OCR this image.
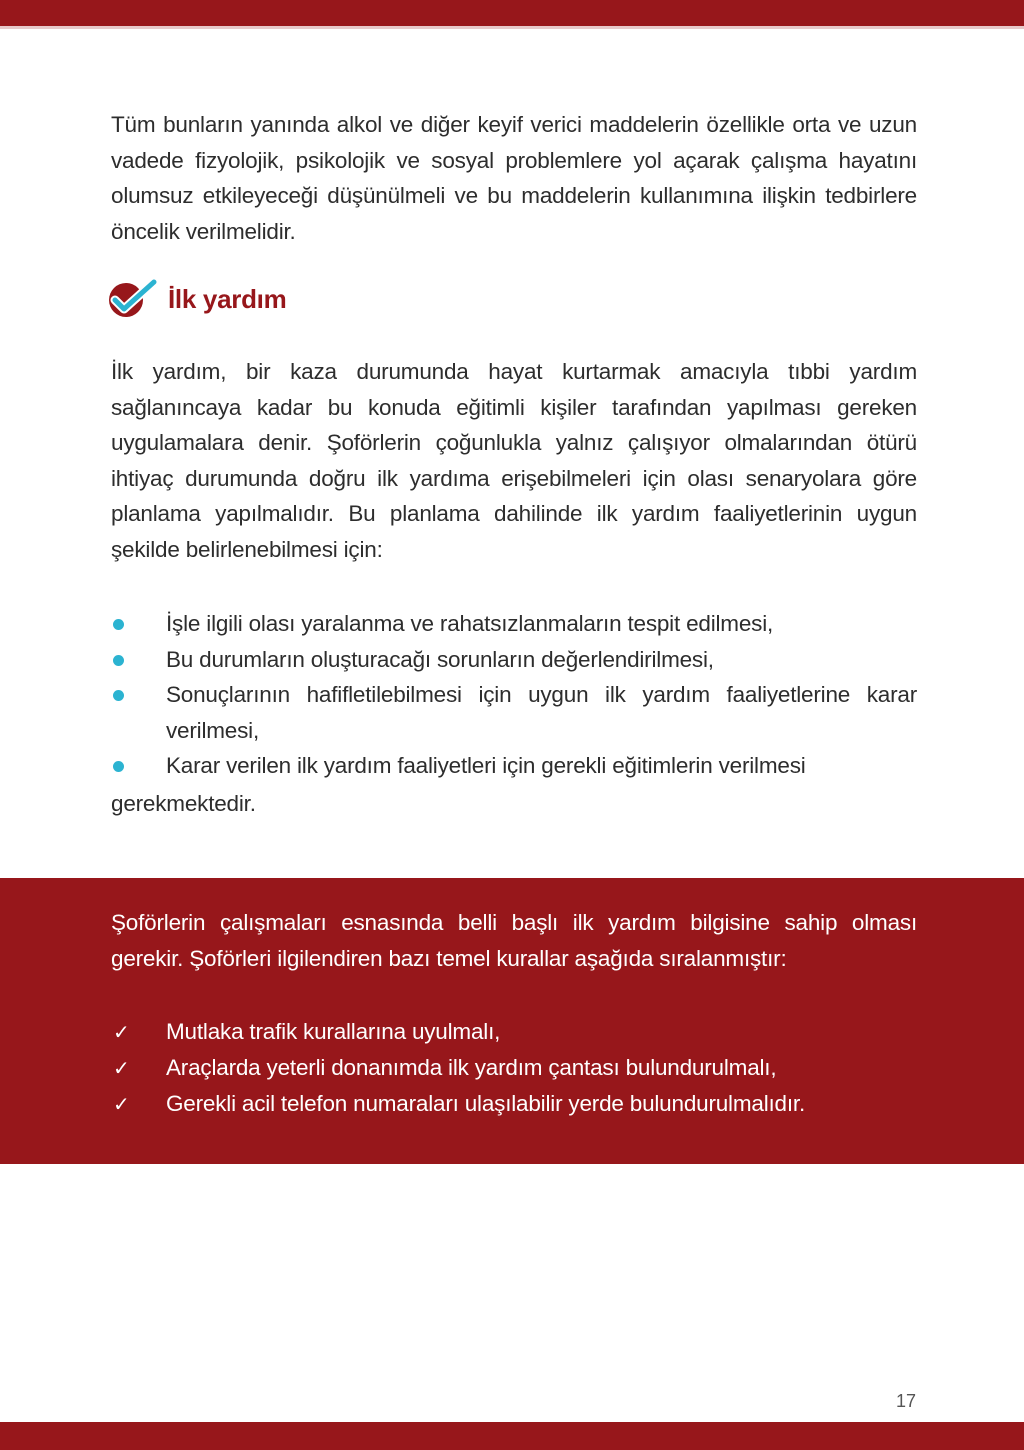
Tüm bunların yanında alkol ve diğer keyif verici maddelerin özellikle orta ve uzun vadede fizyolojik, psikolojik ve sosyal problemlere yol açarak çalışma hayatını olumsuz etkileyeceği düşünülmeli ve bu maddelerin kullanımına ilişkin tedbirlere öncelik verilmelidir.

İlk yardım

İlk yardım, bir kaza durumunda hayat kurtarmak amacıyla tıbbi yardım sağlanıncaya kadar bu konuda eğitimli kişiler tarafından yapılması gereken uygulamalara denir. Şoförlerin çoğunlukla yalnız çalışıyor olmalarından ötürü ihtiyaç durumunda doğru ilk yardıma erişebilmeleri için olası senaryolara göre planlama yapılmalıdır. Bu planlama dahilinde ilk yardım faaliyetlerinin uygun şekilde belirlenebilmesi için:

İşle ilgili olası yaralanma ve rahatsızlanmaların tespit edilmesi,
Bu durumların oluşturacağı sorunların değerlendirilmesi,
Sonuçlarının hafifletilebilmesi için uygun ilk yardım faaliyetlerine karar verilmesi,
Karar verilen ilk yardım faaliyetleri için gerekli eğitimlerin verilmesi
gerekmektedir.

Şoförlerin çalışmaları esnasında belli başlı ilk yardım bilgisine sahip olması gerekir. Şoförleri ilgilendiren bazı temel kurallar aşağıda sıralanmıştır:

✓ Mutlaka trafik kurallarına uyulmalı,
✓ Araçlarda yeterli donanımda ilk yardım çantası bulundurulmalı,
✓ Gerekli acil telefon numaraları ulaşılabilir yerde bulundurulmalıdır.
17
